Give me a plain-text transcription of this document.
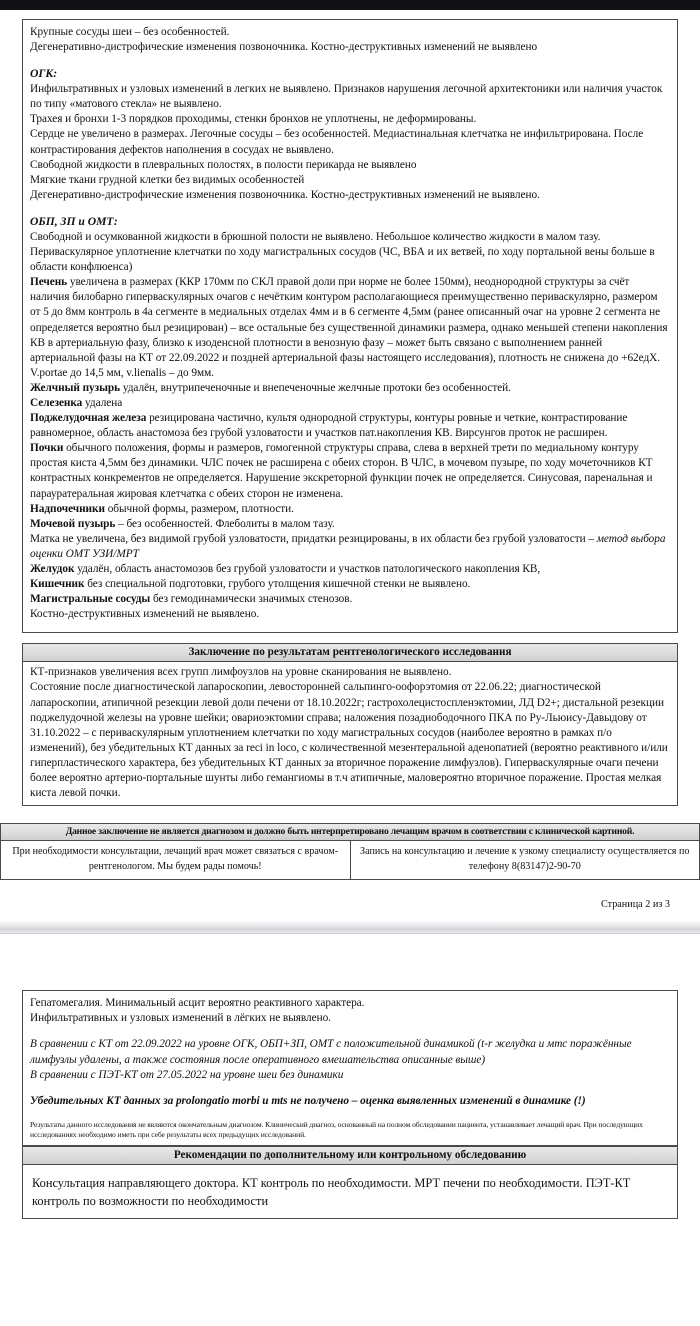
Крупные сосуды шеи – без особенностей.

Дегенеративно-дистрофические изменения позвоночника. Костно-деструктивных изменений не выявлено

ОГК:

Инфильтративных и узловых изменений в легких не выявлено. Признаков нарушения легочной архитектоники или наличия участок по типу «матового стекла» не выявлено.

Трахея и бронхи 1-3 порядков проходимы, стенки бронхов не уплотнены, не деформированы.

Сердце не увеличено в размерах. Легочные сосуды – без особенностей. Медиастинальная клетчатка не инфильтрирована. После контрастирования дефектов наполнения в сосудах не выявлено.

Свободной жидкости в плевральных полостях, в полости перикарда не выявлено

Мягкие ткани грудной клетки без видимых особенностей

Дегенеративно-дистрофические изменения позвоночника. Костно-деструктивных изменений не выявлено.

ОБП, ЗП и ОМТ:

Свободной и осумкованной жидкости в брюшной полости не выявлено. Небольшое количество жидкости в малом тазу. Периваскулярное уплотнение клетчатки по ходу магистральных сосудов (ЧС, ВБА и их ветвей, по ходу портальной вены больше в области конфлюенса)

Печень увеличена в размерах (ККР 170мм по СКЛ правой доли при норме не более 150мм), неоднородной структуры за счёт наличия билобарно гиперваскулярных очагов с нечётким контуром располагающиеся преимущественно периваскулярно, размером от 5 до 8мм контроль в 4а сегменте в медиальных отделах 4мм и в 6 сегменте 4,5мм (ранее описанный очаг на уровне 2 сегмента не определяется вероятно был резицирован) – все остальные без существенной динамики размера, однако меньшей степени накопления КВ в артериальную фазу, близко к изоденсной плотности в венозную фазу – может быть связано с выполнением ранней артериальной фазы на КТ от 22.09.2022 и поздней артериальной фазы настоящего исследования), плотность не снижена до +62едХ. V.portae до 14,5 мм, v.lienalis – до 9мм.

Желчный пузырь удалён, внутрипеченочные и внепеченочные желчные протоки без особенностей.

Селезенка удалена

Поджелудочная железа резицирована частично, культя однородной структуры, контуры ровные и четкие, контрастирование равномерное, область анастомоза без грубой узловатости и участков пат.накопления КВ. Вирсунгов проток не расширен.

Почки обычного положения, формы и размеров, гомогенной структуры справа, слева в верхней трети по медиальному контуру простая киста 4,5мм без динамики. ЧЛС почек не расширена с обеих сторон. В ЧЛС, в мочевом пузыре, по ходу мочеточников КТ контрастных конкрементов не определяется. Нарушение экскреторной функции почек не определяется. Синусовая, паренальная и парауратеральная жировая клетчатка с обеих сторон не изменена.

Надпочечники обычной формы, размером, плотности.

Мочевой пузырь – без особенностей. Флеболиты в малом тазу.

Матка не увеличена, без видимой грубой узловатости, придатки резицированы, в их области без грубой узловатости – метод выбора оценки ОМТ УЗИ/МРТ

Желудок удалён, область анастомозов без грубой узловатости и участков патологического накопления КВ,

Кишечник без специальной подготовки, грубого утолщения кишечной стенки не выявлено.

Магистральные сосуды без гемодинамически значимых стенозов.

Костно-деструктивных изменений не выявлено.

Заключение по результатам рентгенологического исследования

КТ-признаков увеличения всех групп лимфоузлов на уровне сканирования не выявлено.

Состояние после диагностической лапароскопии, левосторонней сальпинго-оофорэтомия от 22.06.22; диагностической лапароскопии, атипичной резекции левой доли печени от 18.10.2022г; гастрохолецистоспленэктомии, ЛД D2+; дистальной резекции поджелудочной железы на уровне шейки; овариоэктомии справа; наложения позадиободочного ПКА по Ру-Льюису-Давыдову от 31.10.2022 – с периваскулярным уплотнением клетчатки по ходу магистральных сосудов (наиболее вероятно в рамках п/о изменений), без убедительных КТ данных за reci in loco, с количественной мезентеральной аденопатией (вероятно реактивного и/или гиперпластического характера, без убедительных КТ данных за вторичное поражение лимфузлов). Гиперваскулярные очаги печени более вероятно артерио-портальные шунты либо гемангиомы в т.ч атипичные, маловероятно вторичное поражение. Простая мелкая киста левой почки.

Данное заключение не является диагнозом и должно быть интерпретировано лечащим врачом в соответствии с клинической картиной.
При необходимости консультации, лечащий врач может связаться с врачом-рентгенологом. Мы будем рады помочь!	Запись на консультацию и лечение к узкому специалисту осуществляется по телефону 8(83147)2-90-70

Страница 2 из 3

Гепатомегалия. Минимальный асцит вероятно реактивного характера.

Инфильтративных и узловых изменений в лёгких не выявлено.

В сравнении с КТ от 22.09.2022 на уровне ОГК, ОБП+ЗП, ОМТ с положительной динамикой (t-r желудка и мтс поражённые лимфузлы удалены, а также состояния после оперативного вмешательства описанные выше)

В сравнении с ПЭТ-КТ от 27.05.2022 на уровне шеи без динамики

Убедительных КТ данных за prolongatio morbi и mts не получено – оценка выявленных изменений в динамике (!)

Результаты данного исследования не являются окончательным диагнозом. Клинический диагноз, основанный на полном обследовании пациента, устанавливает лечащий врач. При последующих исследованиях необходимо иметь при себе результаты всех предыдущих исследований.

Рекомендации по дополнительному или контрольному обследованию

Консультация направляющего доктора. КТ контроль по необходимости. МРТ печени по необходимости. ПЭТ-КТ контроль по возможности по необходимости
